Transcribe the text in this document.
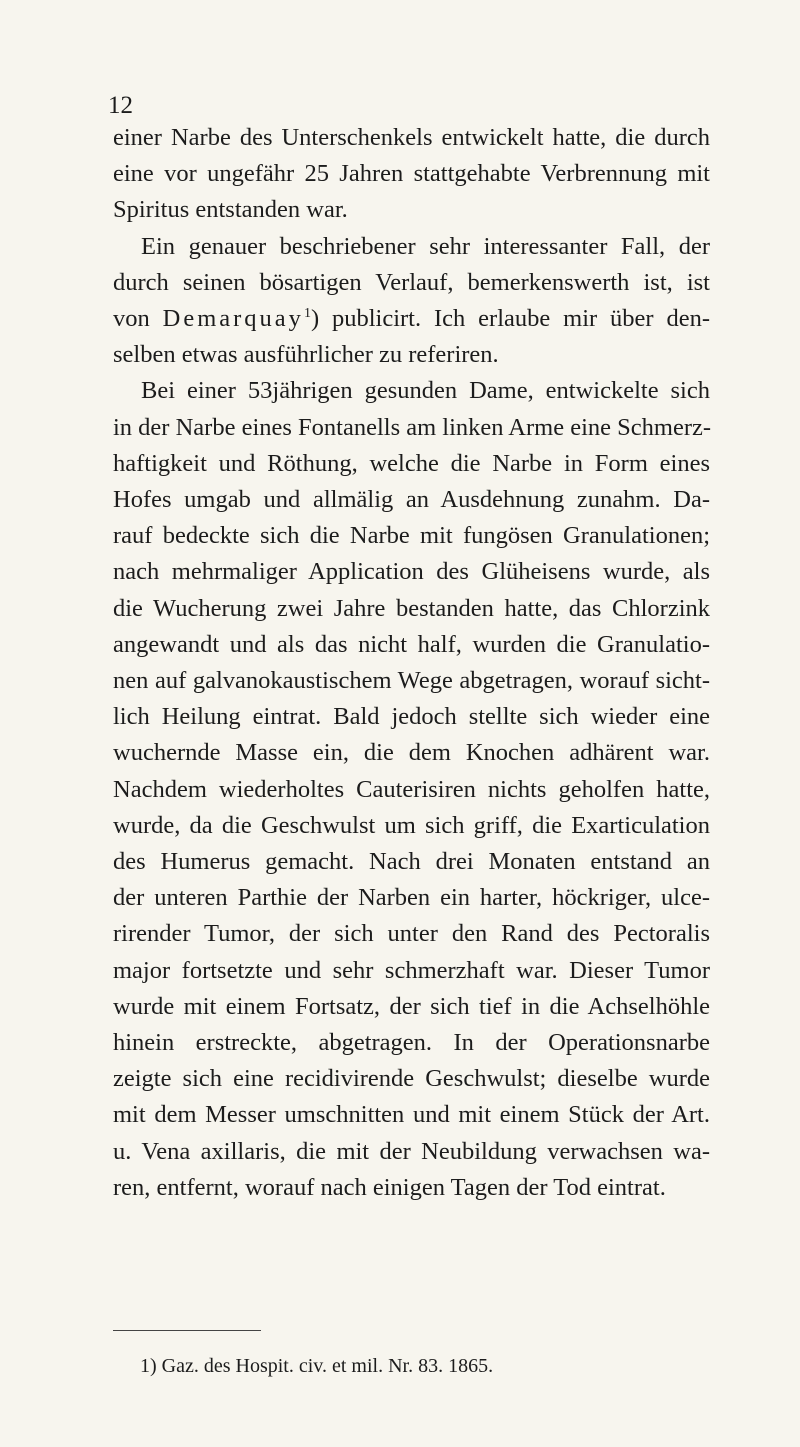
12
einer Narbe des Unterschenkels entwickelt hatte, die durch
eine vor ungefähr 25 Jahren stattgehabte Verbrennung mit
Spiritus entstanden war.
Ein genauer beschriebener sehr interessanter Fall, der
durch seinen bösartigen Verlauf, bemerkenswerth ist, ist
von Demarquay$^1$) publicirt. Ich erlaube mir über den-
selben etwas ausführlicher zu referiren.
Bei einer 53jährigen gesunden Dame, entwickelte sich
in der Narbe eines Fontanells am linken Arme eine Schmerz-
haftigkeit und Röthung, welche die Narbe in Form eines
Hofes umgab und allmälig an Ausdehnung zunahm. Da-
rauf bedeckte sich die Narbe mit fungösen Granulationen;
nach mehrmaliger Application des Glüheisens wurde, als
die Wucherung zwei Jahre bestanden hatte, das Chlorzink
angewandt und als das nicht half, wurden die Granulatio-
nen auf galvanokaustischem Wege abgetragen, worauf sicht-
lich Heilung eintrat. Bald jedoch stellte sich wieder eine
wuchernde Masse ein, die dem Knochen adhärent war.
Nachdem wiederholtes Cauterisiren nichts geholfen hatte,
wurde, da die Geschwulst um sich griff, die Exarticulation
des Humerus gemacht. Nach drei Monaten entstand an
der unteren Parthie der Narben ein harter, höckriger, ulce-
rirender Tumor, der sich unter den Rand des Pectoralis
major fortsetzte und sehr schmerzhaft war. Dieser Tumor
wurde mit einem Fortsatz, der sich tief in die Achselhöhle
hinein erstreckte, abgetragen. In der Operationsnarbe
zeigte sich eine recidivirende Geschwulst; dieselbe wurde
mit dem Messer umschnitten und mit einem Stück der Art.
u. Vena axillaris, die mit der Neubildung verwachsen wa-
ren, entfernt, worauf nach einigen Tagen der Tod eintrat.
1) Gaz. des Hospit. civ. et mil. Nr. 83. 1865.
